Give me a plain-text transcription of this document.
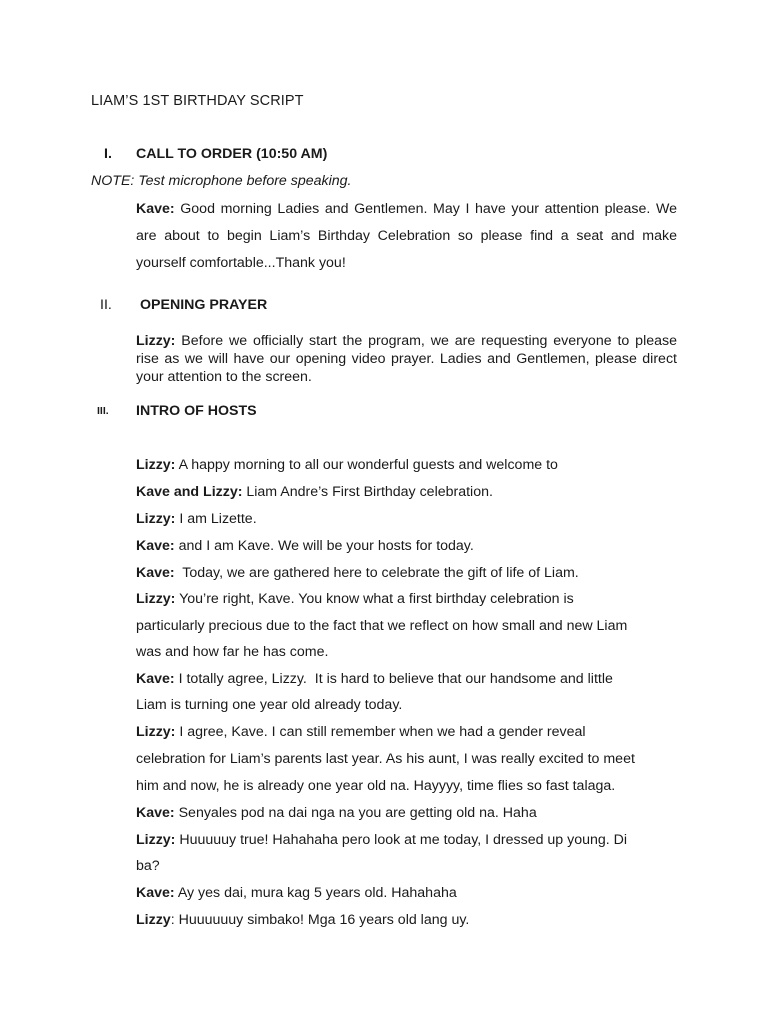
LIAM’S 1ST BIRTHDAY SCRIPT
I.	CALL TO ORDER (10:50 AM)
NOTE: Test microphone before speaking.
Kave: Good morning Ladies and Gentlemen. May I have your attention please. We are about to begin Liam’s Birthday Celebration so please find a seat and make yourself comfortable...Thank you!
II.	OPENING PRAYER
Lizzy: Before we officially start the program, we are requesting everyone to please rise as we will have our opening video prayer. Ladies and Gentlemen, please direct your attention to the screen.
III.	INTRO OF HOSTS
Lizzy: A happy morning to all our wonderful guests and welcome to
Kave and Lizzy: Liam Andre’s First Birthday celebration.
Lizzy: I am Lizette.
Kave: and I am Kave. We will be your hosts for today.
Kave:  Today, we are gathered here to celebrate the gift of life of Liam.
Lizzy: You’re right, Kave. You know what a first birthday celebration is
particularly precious due to the fact that we reflect on how small and new Liam
was and how far he has come.
Kave: I totally agree, Lizzy.  It is hard to believe that our handsome and little
Liam is turning one year old already today.
Lizzy: I agree, Kave. I can still remember when we had a gender reveal
celebration for Liam’s parents last year. As his aunt, I was really excited to meet
him and now, he is already one year old na. Hayyyy, time flies so fast talaga.
Kave: Senyales pod na dai nga na you are getting old na. Haha
Lizzy: Huuuuuy true! Hahahaha pero look at me today, I dressed up young. Di
ba?
Kave: Ay yes dai, mura kag 5 years old. Hahahaha
Lizzy: Huuuuuuy simbako! Mga 16 years old lang uy.
